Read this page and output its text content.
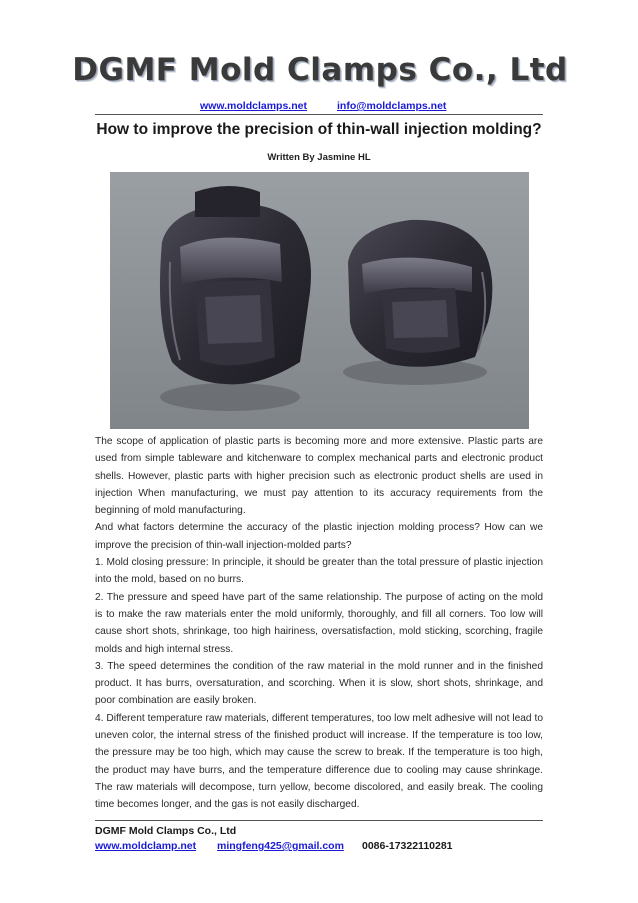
DGMF Mold Clamps Co., Ltd
www.moldclamps.net	info@moldclamps.net
How to improve the precision of thin-wall injection molding?
Written By Jasmine HL

The scope of application of plastic parts is becoming more and more extensive. Plastic parts are used from simple tableware and kitchenware to complex mechanical parts and electronic product shells. However, plastic parts with higher precision such as electronic product shells are used in injection When manufacturing, we must pay attention to its accuracy requirements from the beginning of mold manufacturing.

And what factors determine the accuracy of the plastic injection molding process? How can we improve the precision of thin-wall injection-molded parts?

1. Mold closing pressure: In principle, it should be greater than the total pressure of plastic injection into the mold, based on no burrs.

2. The pressure and speed have part of the same relationship. The purpose of acting on the mold is to make the raw materials enter the mold uniformly, thoroughly, and fill all corners. Too low will cause short shots, shrinkage, too high hairiness, oversatisfaction, mold sticking, scorching, fragile molds and high internal stress.

3. The speed determines the condition of the raw material in the mold runner and in the finished product. It has burrs, oversaturation, and scorching. When it is slow, short shots, shrinkage, and poor combination are easily broken.

4. Different temperature raw materials, different temperatures, too low melt adhesive will not lead to uneven color, the internal stress of the finished product will increase. If the temperature is too low, the pressure may be too high, which may cause the screw to break. If the temperature is too high, the product may have burrs, and the temperature difference due to cooling may cause shrinkage. The raw materials will decompose, turn yellow, become discolored, and easily break. The cooling time becomes longer, and the gas is not easily discharged.

DGMF Mold Clamps Co., Ltd
www.moldclamp.net mingfeng425@gmail.com 0086-17322110281
